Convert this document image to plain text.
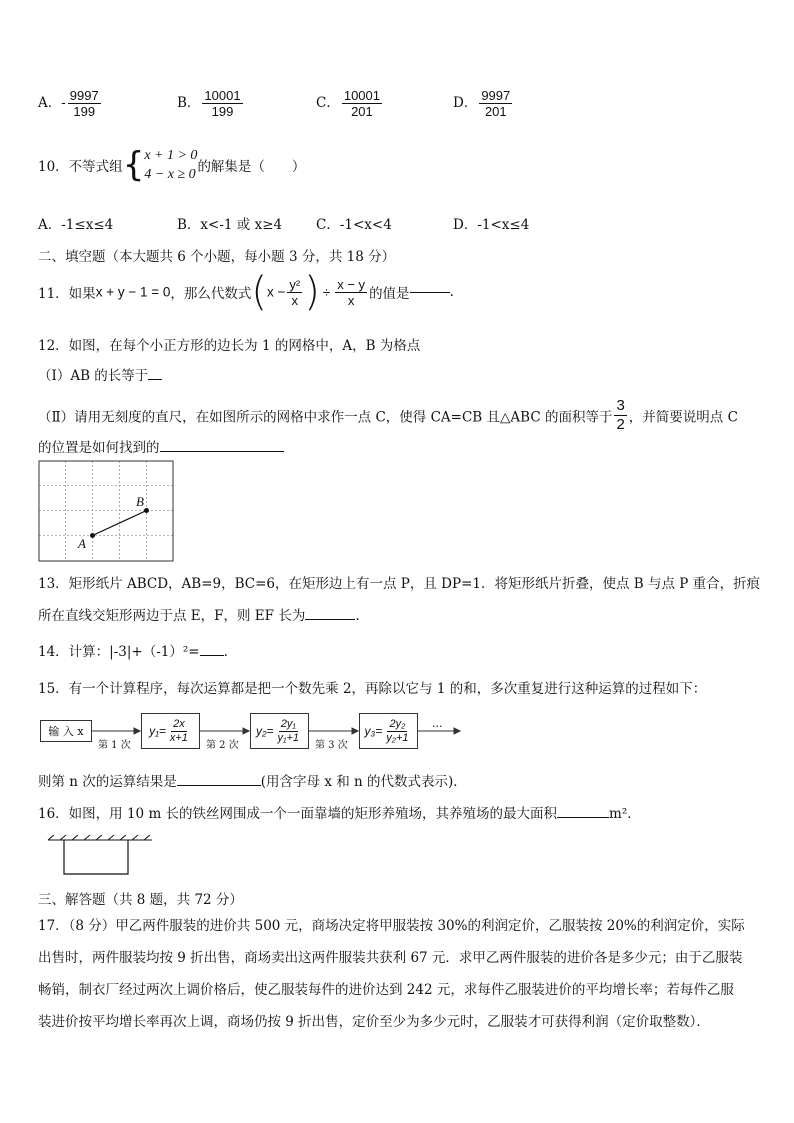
A．- $\frac{9997}{199}$	B． $\frac{10001}{199}$	C． $\frac{10001}{201}$	D． $\frac{9997}{201}$
10．不等式组 { x + 1 > 0
4 − x ≥ 0 的解集是（　　）
A．-1≤x≤4	B．x<-1 或 x≥4	C．-1<x<4	D．-1<x≤4
二、填空题（本大题共 6 个小题，每小题 3 分，共 18 分）
11．如果x + y − 1 = 0，那么代数式($x - \frac{\text{y²}}{x}$ ) ÷ $\frac{x - y}{x}$ 的值是	.
12．如图，在每个小正方形的边长为 1 的网格中，A，B 为格点
（Ⅰ）AB 的长等于
（Ⅱ）请用无刻度的直尺，在如图所示的网格中求作一点 C，使得 CA=CB 且△ABC 的面积等于 $\frac{3}{2}$ ，并简要说明点 C
的位置是如何找到的
A
B
13．矩形纸片 ABCD，AB=9，BC=6，在矩形边上有一点 P，且 DP=1．将矩形纸片折叠，使点 B 与点 P 重合，折痕
所在直线交矩形两边于点 E，F，则 EF 长为	.
14．计算：|-3|+（-1）²= .
15．有一个计算程序，每次运算都是把一个数先乘 2，再除以它与 1 的和，多次重复进行这种运算的过程如下：
输 入 x
第 1 次	第 2 次	第 3 次
$y_1= \frac{2x}{x+1}$	$y_2= \frac{\text{2y₁}}{\text{y₁+1}}$	$y_3= \frac{\text{2y₂}}{\text{y₂+1}}$ ···
则第 n 次的运算结果是	(用含字母 x 和 n 的代数式表示)．
16．如图，用 10 m 长的铁丝网围成一个一面靠墙的矩形养殖场，其养殖场的最大面积	m²．
三、解答题（共 8 题，共 72 分）
17．（8 分）甲乙两件服装的进价共 500 元，商场决定将甲服装按 30%的利润定价，乙服装按 20%的利润定价，实际
出售时，两件服装均按 9 折出售，商场卖出这两件服装共获利 67 元．求甲乙两件服装的进价各是多少元；由于乙服装
畅销，制衣厂经过两次上调价格后，使乙服装每件的进价达到 242 元，求每件乙服装进价的平均增长率；若每件乙服
装进价按平均增长率再次上调，商场仍按 9 折出售，定价至少为多少元时，乙服装才可获得利润（定价取整数）．
